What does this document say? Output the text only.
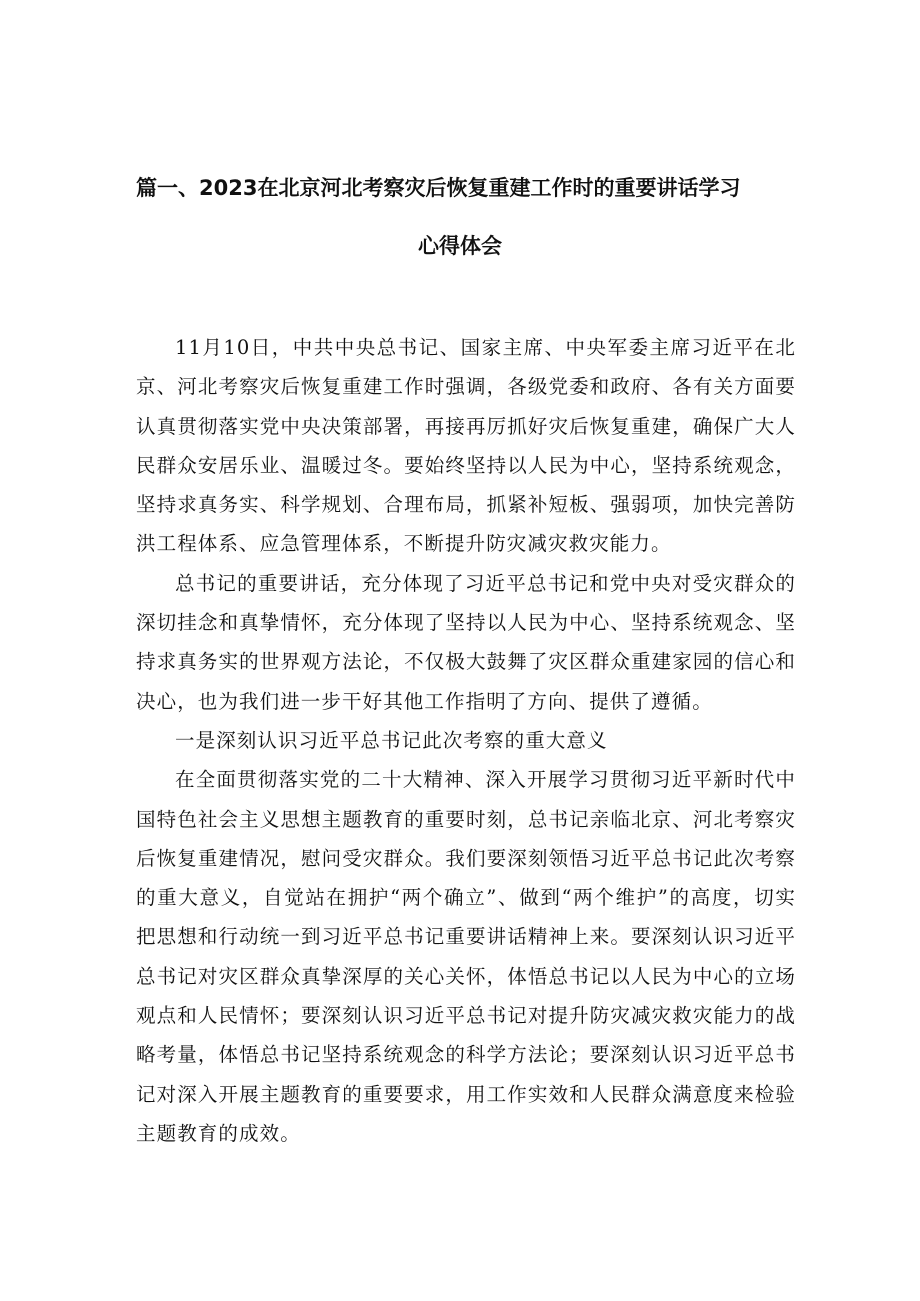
篇一、2023在北京河北考察灾后恢复重建工作时的重要讲话学习
心得体会

11月10日，中共中央总书记、国家主席、中央军委主席习近平在北京、河北考察灾后恢复重建工作时强调，各级党委和政府、各有关方面要认真贯彻落实党中央决策部署，再接再厉抓好灾后恢复重建，确保广大人民群众安居乐业、温暖过冬。要始终坚持以人民为中心，坚持系统观念，坚持求真务实、科学规划、合理布局，抓紧补短板、强弱项，加快完善防洪工程体系、应急管理体系，不断提升防灾减灾救灾能力。

总书记的重要讲话，充分体现了习近平总书记和党中央对受灾群众的深切挂念和真挚情怀，充分体现了坚持以人民为中心、坚持系统观念、坚持求真务实的世界观方法论，不仅极大鼓舞了灾区群众重建家园的信心和决心，也为我们进一步干好其他工作指明了方向、提供了遵循。

一是深刻认识习近平总书记此次考察的重大意义

在全面贯彻落实党的二十大精神、深入开展学习贯彻习近平新时代中国特色社会主义思想主题教育的重要时刻，总书记亲临北京、河北考察灾后恢复重建情况，慰问受灾群众。我们要深刻领悟习近平总书记此次考察的重大意义，自觉站在拥护“两个确立”、做到“两个维护”的高度，切实把思想和行动统一到习近平总书记重要讲话精神上来。要深刻认识习近平总书记对灾区群众真挚深厚的关心关怀，体悟总书记以人民为中心的立场观点和人民情怀；要深刻认识习近平总书记对提升防灾减灾救灾能力的战略考量，体悟总书记坚持系统观念的科学方法论；要深刻认识习近平总书记对深入开展主题教育的重要要求，用工作实效和人民群众满意度来检验主题教育的成效。
